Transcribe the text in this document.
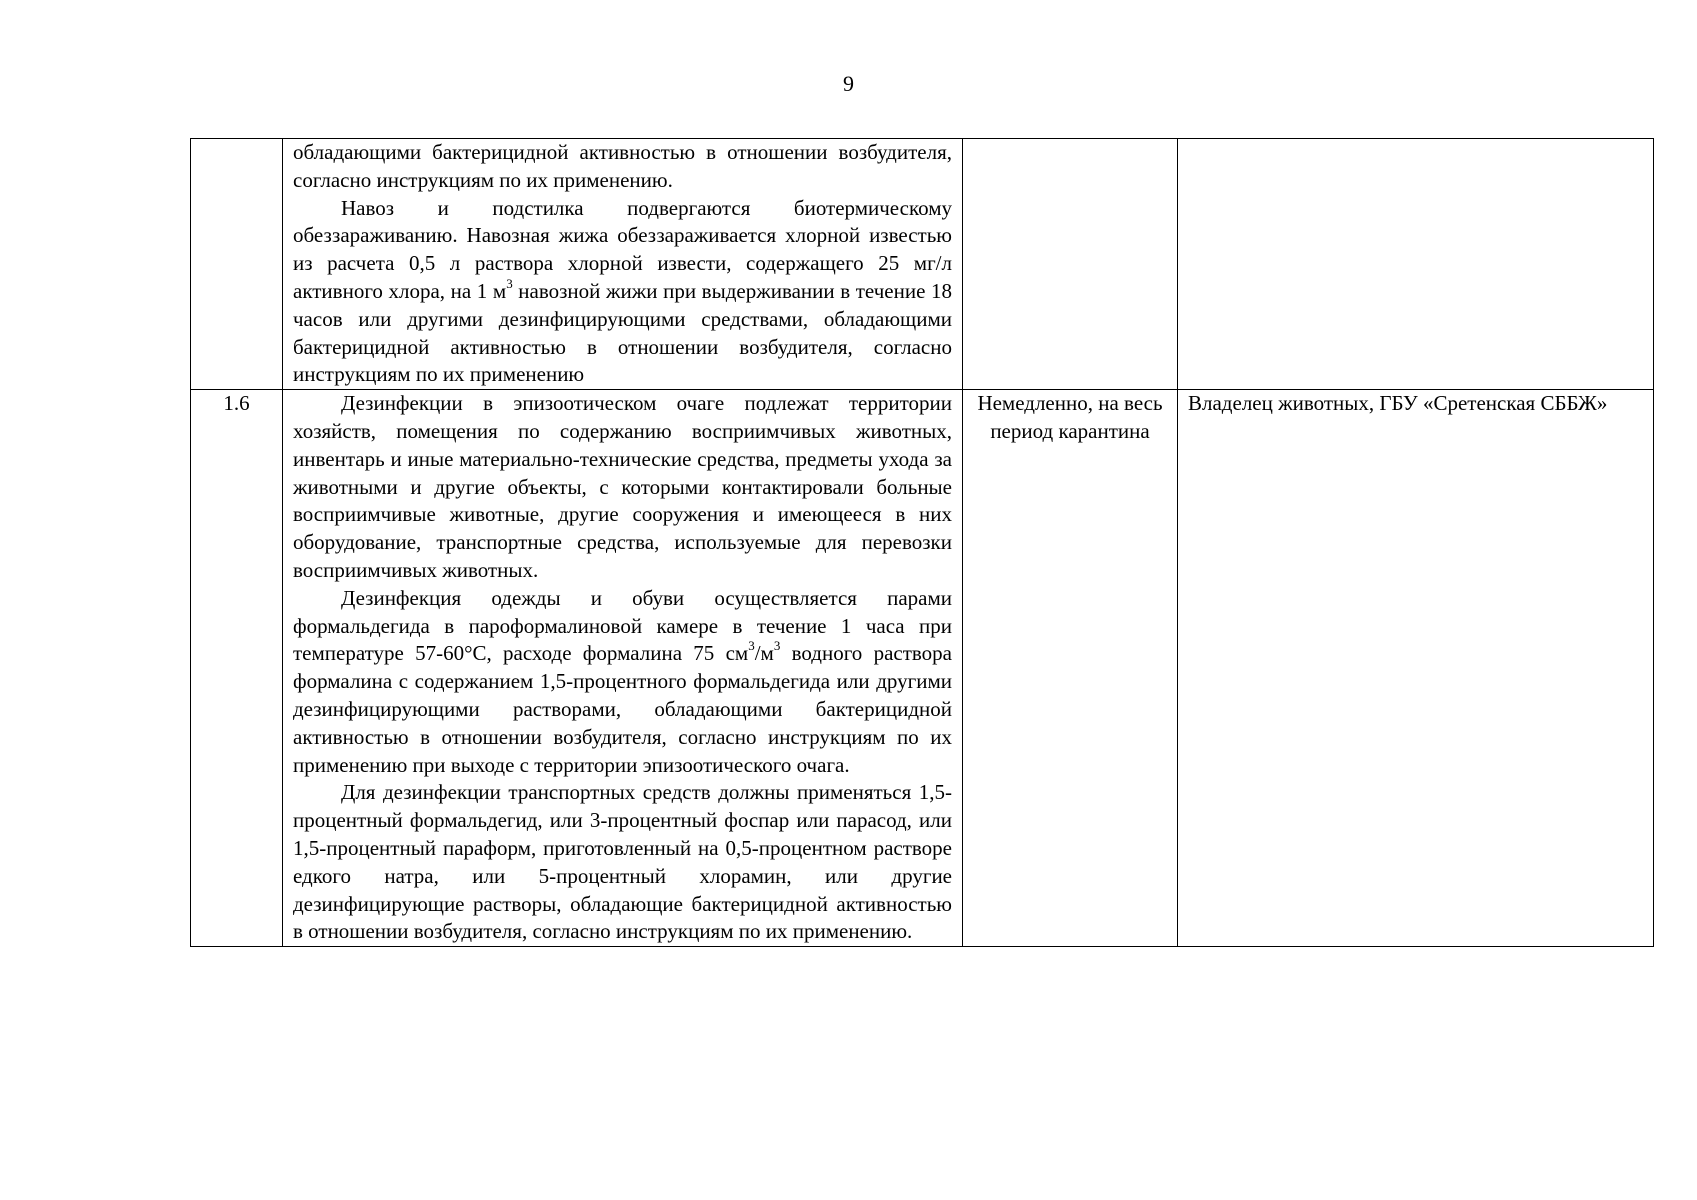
9

	обладающими бактерицидной активностью в отношении возбудителя, согласно инструкциям по их применению.

Навоз и подстилка подвергаются биотермическому обеззараживанию. Навозная жижа обеззараживается хлорной известью из расчета 0,5 л раствора хлорной извести, содержащего 25 мг/л активного хлора, на 1 $м^3$ навозной жижи при выдерживании в течение 18 часов или другими дезинфицирующими средствами, обладающими бактерицидной активностью в отношении возбудителя, согласно инструкциям по их применению		

1.6	Дезинфекции в эпизоотическом очаге подлежат территории хозяйств, помещения по содержанию восприимчивых животных, инвентарь и иные материально-технические средства, предметы ухода за животными и другие объекты, с которыми контактировали больные восприимчивые животные, другие сооружения и имеющееся в них оборудование, транспортные средства, используемые для перевозки восприимчивых животных.

Дезинфекция одежды и обуви осуществляется парами формальдегида в пароформалиновой камере в течение 1 часа при температуре 57-60°С, расходе формалина 75 $см^3/м^3$ водного раствора формалина с содержанием 1,5-процентного формальдегида или другими дезинфицирующими растворами, обладающими бактерицидной активностью в отношении возбудителя, согласно инструкциям по их применению при выходе с территории эпизоотического очага.

Для дезинфекции транспортных средств должны применяться 1,5-процентный формальдегид, или 3-процентный фоспар или парасод, или 1,5-процентный параформ, приготовленный на 0,5-процентном растворе едкого натра, или 5-процентный хлорамин, или другие дезинфицирующие растворы, обладающие бактерицидной активностью в отношении возбудителя, согласно инструкциям по их применению.	Немедленно, на весь период карантина	Владелец животных, ГБУ «Сретенская СББЖ»
